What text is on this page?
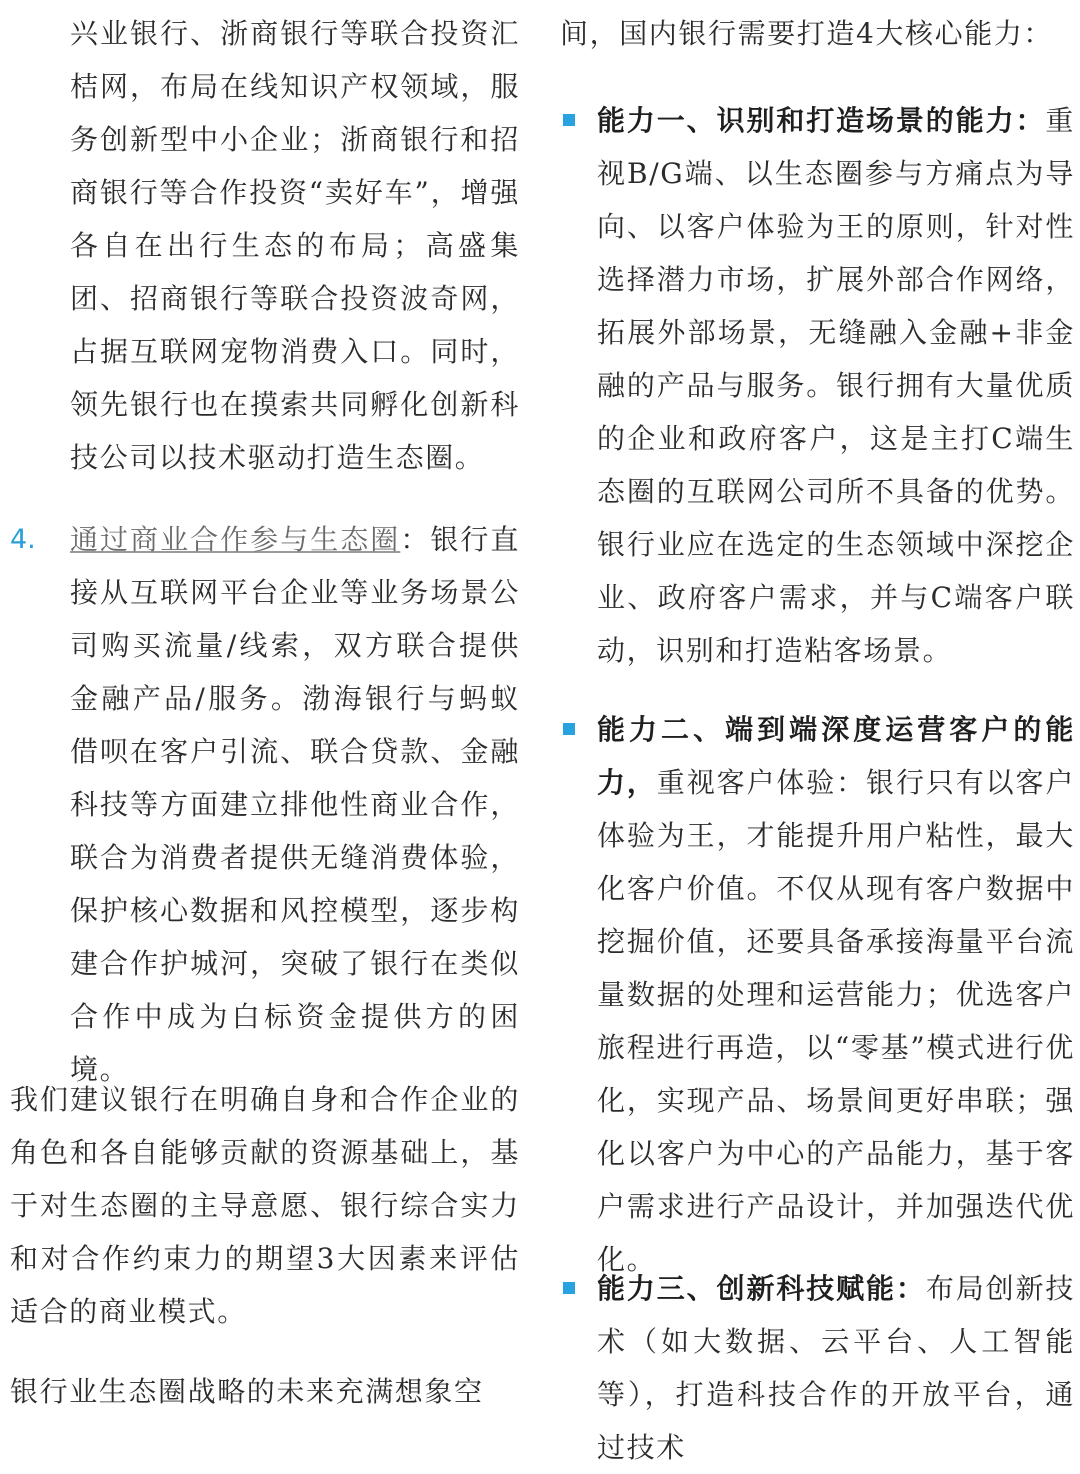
兴业银行、浙商银行等联合投资汇桔网，布局在线知识产权领域，服务创新型中小企业；浙商银行和招商银行等合作投资“卖好车”，增强各自在出行生态的布局；高盛集团、招商银行等联合投资波奇网，占据互联网宠物消费入口。同时，领先银行也在摸索共同孵化创新科技公司以技术驱动打造生态圈。

4. 通过商业合作参与生态圈：银行直接从互联网平台企业等业务场景公司购买流量/线索，双方联合提供金融产品/服务。渤海银行与蚂蚁借呗在客户引流、联合贷款、金融科技等方面建立排他性商业合作，联合为消费者提供无缝消费体验，保护核心数据和风控模型，逐步构建合作护城河，突破了银行在类似合作中成为白标资金提供方的困境。

我们建议银行在明确自身和合作企业的角色和各自能够贡献的资源基础上，基于对生态圈的主导意愿、银行综合实力和对合作约束力的期望3大因素来评估适合的商业模式。

银行业生态圈战略的未来充满想象空

间，国内银行需要打造4大核心能力：

能力一、识别和打造场景的能力：重视B/G端、以生态圈参与方痛点为导向、以客户体验为王的原则，针对性选择潜力市场，扩展外部合作网络，拓展外部场景，无缝融入金融+非金融的产品与服务。银行拥有大量优质的企业和政府客户，这是主打C端生态圈的互联网公司所不具备的优势。银行业应在选定的生态领域中深挖企业、政府客户需求，并与C端客户联动，识别和打造粘客场景。

能力二、端到端深度运营客户的能力，重视客户体验：银行只有以客户体验为王，才能提升用户粘性，最大化客户价值。不仅从现有客户数据中挖掘价值，还要具备承接海量平台流量数据的处理和运营能力；优选客户旅程进行再造，以“零基”模式进行优化，实现产品、场景间更好串联；强化以客户为中心的产品能力，基于客户需求进行产品设计，并加强迭代优化。

能力三、创新科技赋能：布局创新技术（如大数据、云平台、人工智能等），打造科技合作的开放平台，通过技术
